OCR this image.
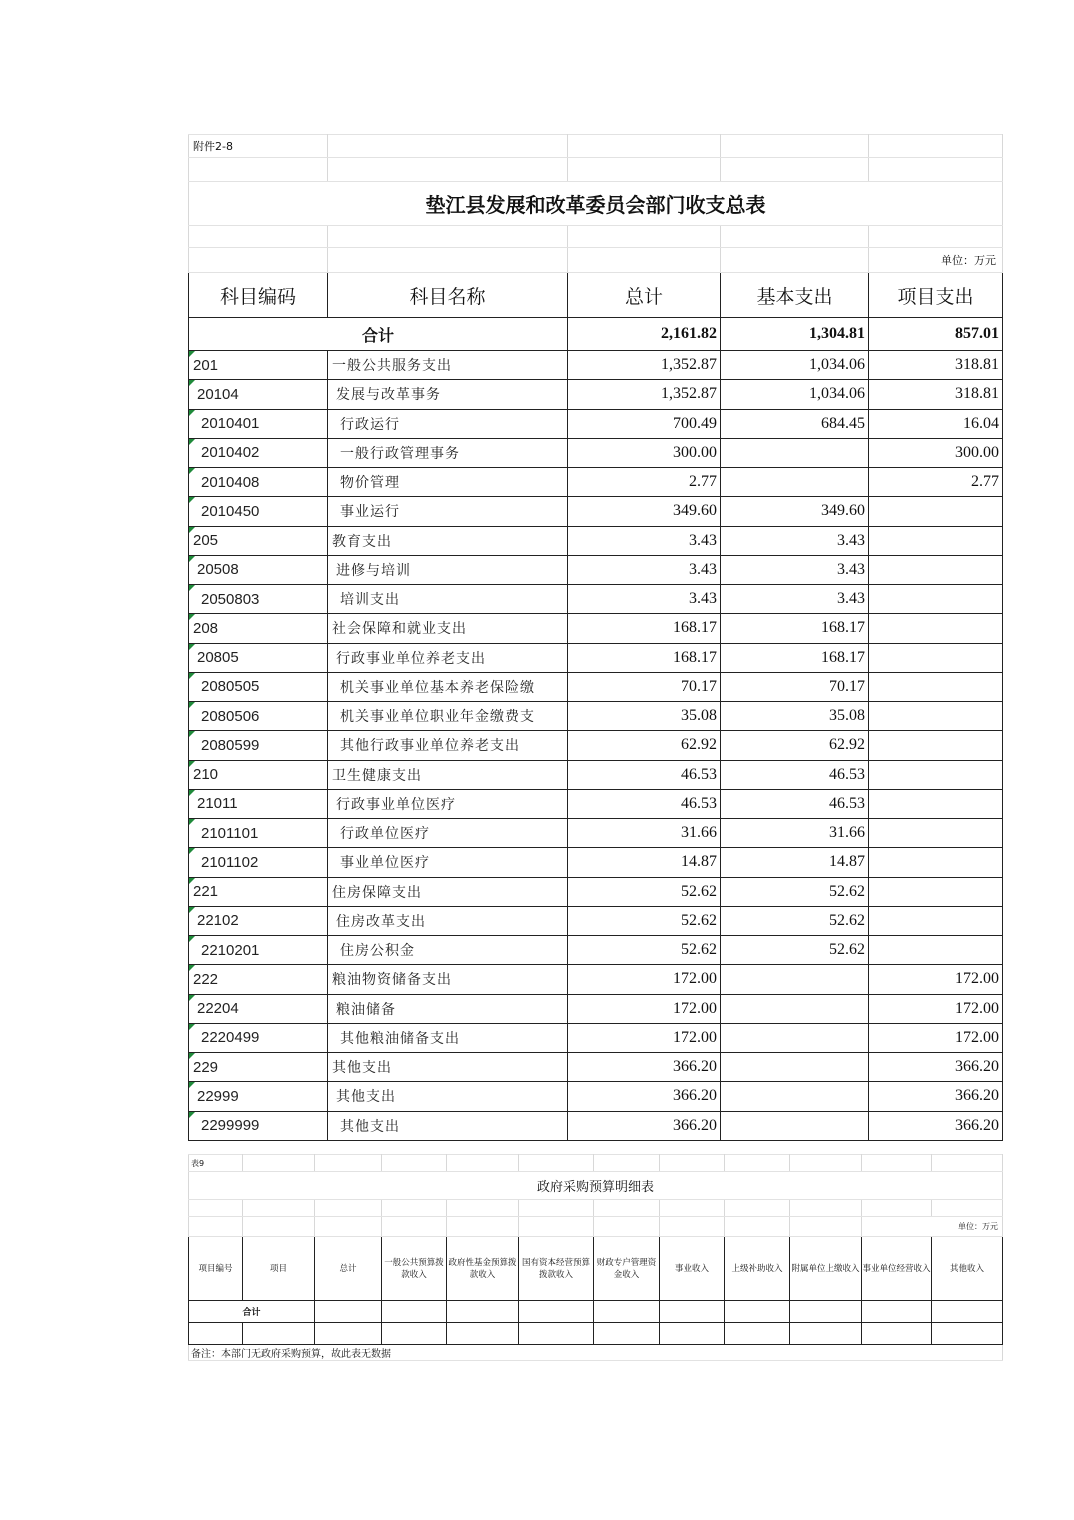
附件2-8				

垫江县发展和改革委员会部门收支总表				

				单位：万元
科目编码	科目名称	总计	基本支出	项目支出
合计		2,161.82	1,304.81	857.01
201	一般公共服务支出	1,352.87	1,034.06	318.81
20104	发展与改革事务	1,352.87	1,034.06	318.81
2010401	行政运行	700.49	684.45	16.04
2010402	一般行政管理事务	300.00		300.00
2010408	物价管理	2.77		2.77
2010450	事业运行	349.60	349.60	
205	教育支出	3.43	3.43	
20508	进修与培训	3.43	3.43	
2050803	培训支出	3.43	3.43	
208	社会保障和就业支出	168.17	168.17	
20805	行政事业单位养老支出	168.17	168.17	
2080505	机关事业单位基本养老保险缴	70.17	70.17	
2080506	机关事业单位职业年金缴费支	35.08	35.08	
2080599	其他行政事业单位养老支出	62.92	62.92	
210	卫生健康支出	46.53	46.53	
21011	行政事业单位医疗	46.53	46.53	
2101101	行政单位医疗	31.66	31.66	
2101102	事业单位医疗	14.87	14.87	
221	住房保障支出	52.62	52.62	
22102	住房改革支出	52.62	52.62	
2210201	住房公积金	52.62	52.62	
222	粮油物资储备支出	172.00		172.00
22204	粮油储备	172.00		172.00
2220499	其他粮油储备支出	172.00		172.00
229	其他支出	366.20		366.20
22999	其他支出	366.20		366.20
2299999	其他支出	366.20		366.20
表9											
政府采购预算明细表											

										单位：万元	
项目编号	项目	总计	一般公共预算拨款收入	政府性基金预算拨款收入	国有资本经营预算拨款收入	财政专户管理资金收入	事业收入	上级补助收入	附属单位上缴收入	事业单位经营收入	其他收入
合计											

备注：本部门无政府采购预算，故此表无数据											
